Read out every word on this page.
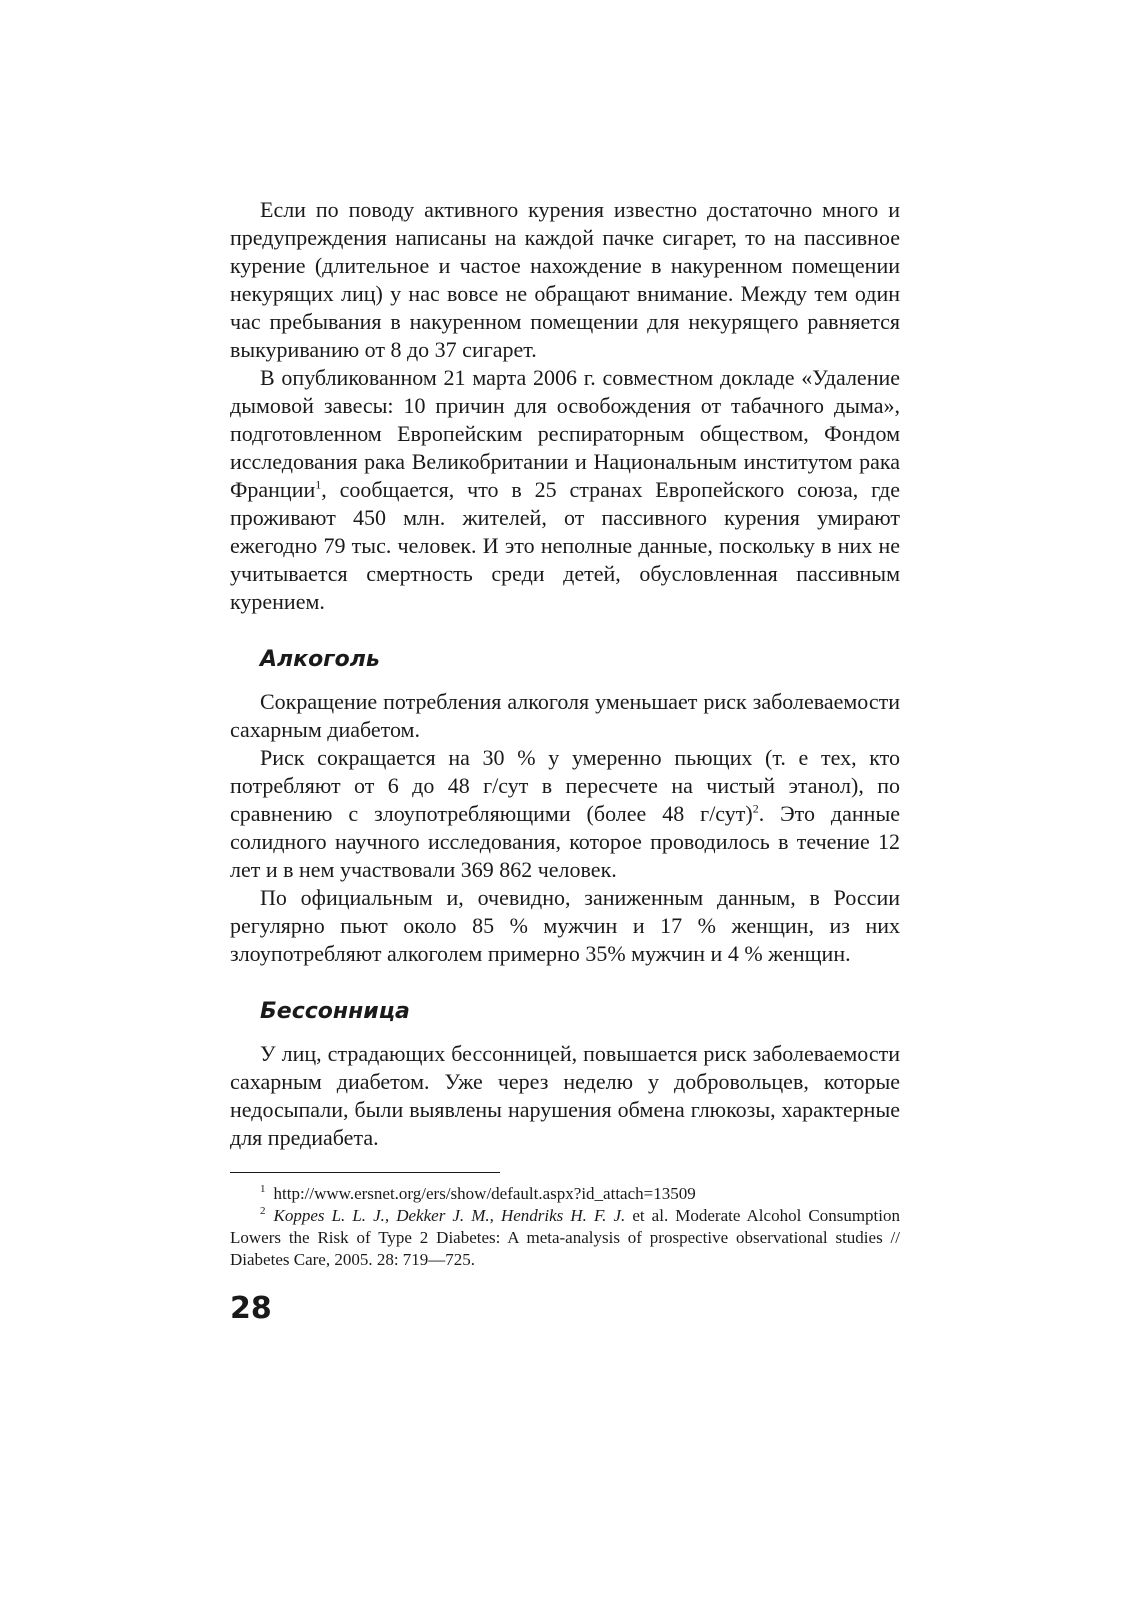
Если по поводу активного курения известно достаточно много и предупреждения написаны на каждой пачке сигарет, то на пассивное курение (длительное и частое нахождение в накуренном помещении некурящих лиц) у нас вовсе не обращают внимание. Между тем один час пребывания в накуренном помещении для некурящего равняется выкуриванию от 8 до 37 сигарет.

В опубликованном 21 марта 2006 г. совместном докладе «Удаление дымовой завесы: 10 причин для освобождения от табачного дыма», подготовленном Европейским респираторным обществом, Фондом исследования рака Великобритании и Национальным институтом рака Франции$^1$, сообщается, что в 25 странах Европейского союза, где проживают 450 млн. жителей, от пассивного курения умирают ежегодно 79 тыс. человек. И это неполные данные, поскольку в них не учитывается смертность среди детей, обусловленная пассивным курением.

Алкоголь

Сокращение потребления алкоголя уменьшает риск заболеваемости сахарным диабетом.

Риск сокращается на 30 % у умеренно пьющих (т. е тех, кто потребляют от 6 до 48 г/сут в пересчете на чистый этанол), по сравнению с злоупотребляющими (более 48 г/сут)$^2$. Это данные солидного научного исследования, которое проводилось в течение 12 лет и в нем участвовали 369 862 человек.

По официальным и, очевидно, заниженным данным, в России регулярно пьют около 85 % мужчин и 17 % женщин, из них злоупотребляют алкоголем примерно 35% мужчин и 4 % женщин.

Бессонница

У лиц, страдающих бессонницей, повышается риск заболеваемости сахарным диабетом. Уже через неделю у добровольцев, которые недосыпали, были выявлены нарушения обмена глюкозы, характерные для предиабета.

$^1$ http://www.ersnet.org/ers/show/default.aspx?id_attach=13509

$^2$ Koppes L. L. J., Dekker J. M., Hendriks H. F. J. et al. Moderate Alcohol Consumption Lowers the Risk of Type 2 Diabetes: A meta-analysis of prospective observational studies // Diabetes Care, 2005. 28: 719—725.

28
